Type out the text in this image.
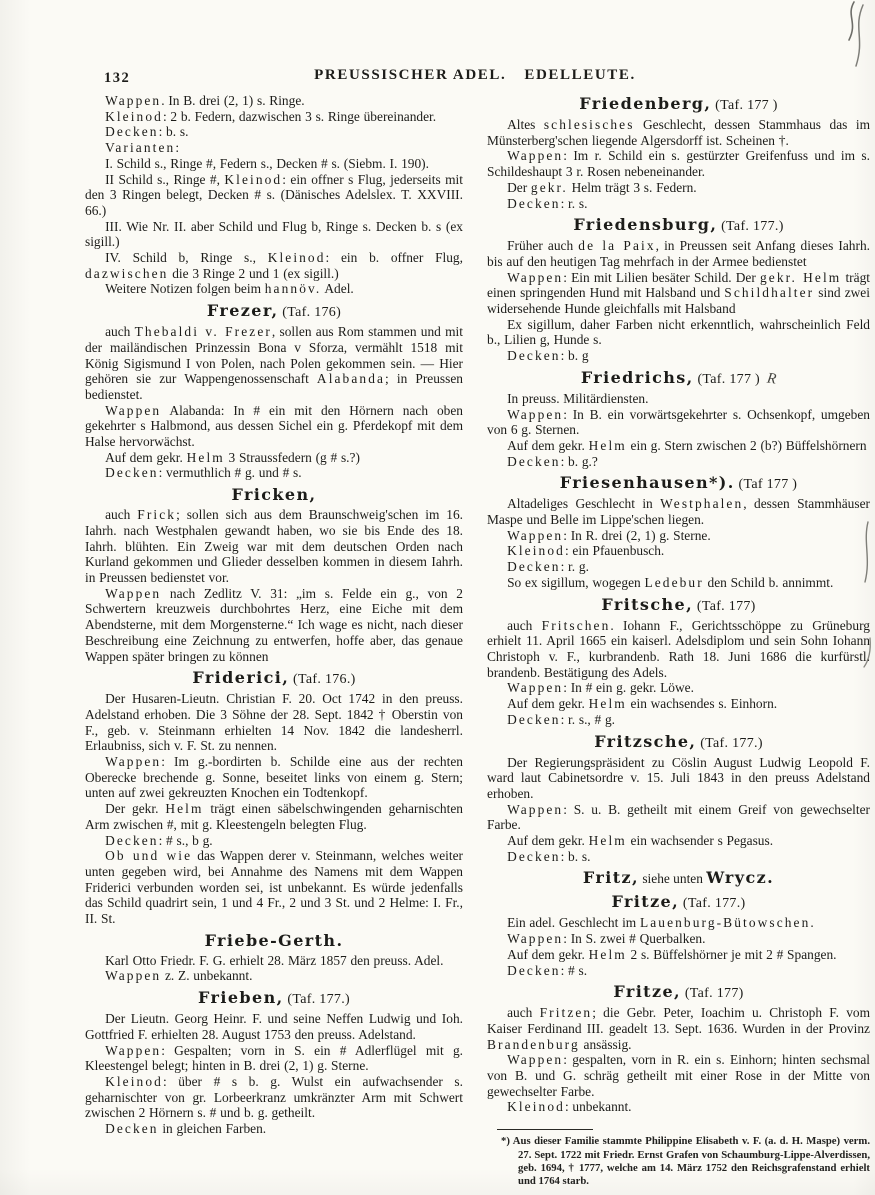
132	PREUSSISCHER ADEL. EDELLEUTE.

Wappen. In B. drei (2, 1) s. Ringe.

Kleinod: 2 b. Federn, dazwischen 3 s. Ringe übereinander.

Decken: b. s.

Varianten:

I. Schild s., Ringe #, Federn s., Decken # s. (Siebm. I. 190).

II Schild s., Ringe #, Kleinod: ein offner s Flug, jederseits mit den 3 Ringen belegt, Decken # s. (Dänisches Adelslex. T. XXVIII. 66.)

III. Wie Nr. II. aber Schild und Flug b, Ringe s. Decken b. s (ex sigill.)

IV. Schild b, Ringe s., Kleinod: ein b. offner Flug, dazwischen die 3 Ringe 2 und 1 (ex sigill.)

Weitere Notizen folgen beim hannöv. Adel.

Frezer, (Taf. 176)

auch Thebaldi v. Frezer, sollen aus Rom stammen und mit der mailändischen Prinzessin Bona v Sforza, vermählt 1518 mit König Sigismund I von Polen, nach Polen gekommen sein. — Hier gehören sie zur Wappengenossenschaft Alabanda; in Preussen bedienstet.

Wappen Alabanda: In # ein mit den Hörnern nach oben gekehrter s Halbmond, aus dessen Sichel ein g. Pferdekopf mit dem Halse hervorwächst.

Auf dem gekr. Helm 3 Straussfedern (g # s.?)

Decken: vermuthlich # g. und # s.

Fricken,

auch Frick; sollen sich aus dem Braunschweig'schen im 16. Iahrh. nach Westphalen gewandt haben, wo sie bis Ende des 18. Iahrh. blühten. Ein Zweig war mit dem deutschen Orden nach Kurland gekommen und Glieder desselben kommen in diesem Iahrh. in Preussen bedienstet vor.

Wappen nach Zedlitz V. 31: „im s. Felde ein g., von 2 Schwertern kreuzweis durchbohrtes Herz, eine Eiche mit dem Abendsterne, mit dem Morgensterne.“ Ich wage es nicht, nach dieser Beschreibung eine Zeichnung zu entwerfen, hoffe aber, das genaue Wappen später bringen zu können

Friderici, (Taf. 176.)

Der Husaren-Lieutn. Christian F. 20. Oct 1742 in den preuss. Adelstand erhoben. Die 3 Söhne der 28. Sept. 1842 † Oberstin von F., geb. v. Steinmann erhielten 14 Nov. 1842 die landesherrl. Erlaubniss, sich v. F. St. zu nennen.

Wappen: Im g.-bordirten b. Schilde eine aus der rechten Oberecke brechende g. Sonne, beseitet links von einem g. Stern; unten auf zwei gekreuzten Knochen ein Todtenkopf.

Der gekr. Helm trägt einen säbelschwingenden geharnischten Arm zwischen #, mit g. Kleestengeln belegten Flug.

Decken: # s., b g.

Ob und wie das Wappen derer v. Steinmann, welches weiter unten gegeben wird, bei Annahme des Namens mit dem Wappen Friderici verbunden worden sei, ist unbekannt. Es würde jedenfalls das Schild quadrirt sein, 1 und 4 Fr., 2 und 3 St. und 2 Helme: I. Fr., II. St.

Friebe-Gerth.

Karl Otto Friedr. F. G. erhielt 28. März 1857 den preuss. Adel.

Wappen z. Z. unbekannt.

Frieben, (Taf. 177.)

Der Lieutn. Georg Heinr. F. und seine Neffen Ludwig und Ioh. Gottfried F. erhielten 28. August 1753 den preuss. Adelstand.

Wappen: Gespalten; vorn in S. ein # Adlerflügel mit g. Kleestengel belegt; hinten in B. drei (2, 1) g. Sterne.

Kleinod: über # s b. g. Wulst ein aufwachsender s. geharnischter von gr. Lorbeerkranz umkränzter Arm mit Schwert zwischen 2 Hörnern s. # und b. g. getheilt.

Decken in gleichen Farben.

Friedenberg, (Taf. 177 )

Altes schlesisches Geschlecht, dessen Stammhaus das im Münsterberg'schen liegende Algersdorff ist. Scheinen †.

Wappen: Im r. Schild ein s. gestürzter Greifenfuss und im s. Schildeshaupt 3 r. Rosen nebeneinander.

Der gekr. Helm trägt 3 s. Federn.

Decken: r. s.

Friedensburg, (Taf. 177.)

Früher auch de la Paix, in Preussen seit Anfang dieses Iahrh. bis auf den heutigen Tag mehrfach in der Armee bedienstet

Wappen: Ein mit Lilien besäter Schild. Der gekr. Helm trägt einen springenden Hund mit Halsband und Schildhalter sind zwei widersehende Hunde gleichfalls mit Halsband

Ex sigillum, daher Farben nicht erkenntlich, wahrscheinlich Feld b., Lilien g, Hunde s.

Decken: b. g

Friedrichs, (Taf. 177 ) R

In preuss. Militärdiensten.

Wappen: In B. ein vorwärtsgekehrter s. Ochsenkopf, umgeben von 6 g. Sternen.

Auf dem gekr. Helm ein g. Stern zwischen 2 (b?) Büffelshörnern

Decken: b. g.?

Friesenhausen*). (Taf 177 )

Altadeliges Geschlecht in Westphalen, dessen Stammhäuser Maspe und Belle im Lippe'schen liegen.

Wappen: In R. drei (2, 1) g. Sterne.

Kleinod: ein Pfauenbusch.

Decken: r. g.

So ex sigillum, wogegen Ledebur den Schild b. annimmt.

Fritsche, (Taf. 177)

auch Fritschen. Iohann F., Gerichtsschöppe zu Grüneburg erhielt 11. April 1665 ein kaiserl. Adelsdiplom und sein Sohn Iohann Christoph v. F., kurbrandenb. Rath 18. Juni 1686 die kurfürstl. brandenb. Bestätigung des Adels.

Wappen: In # ein g. gekr. Löwe.

Auf dem gekr. Helm ein wachsendes s. Einhorn.

Decken: r. s., # g.

Fritzsche, (Taf. 177.)

Der Regierungspräsident zu Cöslin August Ludwig Leopold F. ward laut Cabinetsordre v. 15. Juli 1843 in den preuss Adelstand erhoben.

Wappen: S. u. B. getheilt mit einem Greif von gewechselter Farbe.

Auf dem gekr. Helm ein wachsender s Pegasus.

Decken: b. s.

Fritz, siehe unten Wrycz.
Fritze, (Taf. 177.)

Ein adel. Geschlecht im Lauenburg-Bütowschen.

Wappen: In S. zwei # Querbalken.

Auf dem gekr. Helm 2 s. Büffelshörner je mit 2 # Spangen.

Decken: # s.

Fritze, (Taf. 177)

auch Fritzen; die Gebr. Peter, Ioachim u. Christoph F. vom Kaiser Ferdinand III. geadelt 13. Sept. 1636. Wurden in der Provinz Brandenburg ansässig.

Wappen: gespalten, vorn in R. ein s. Einhorn; hinten sechsmal von B. und G. schräg getheilt mit einer Rose in der Mitte von gewechselter Farbe.

Kleinod: unbekannt.

*) Aus dieser Familie stammte Philippine Elisabeth v. F. (a. d. H. Maspe) verm. 27. Sept. 1722 mit Friedr. Ernst Grafen von Schaumburg-Lippe-Alverdissen, geb. 1694, † 1777, welche am 14. März 1752 den Reichsgrafenstand erhielt und 1764 starb.
